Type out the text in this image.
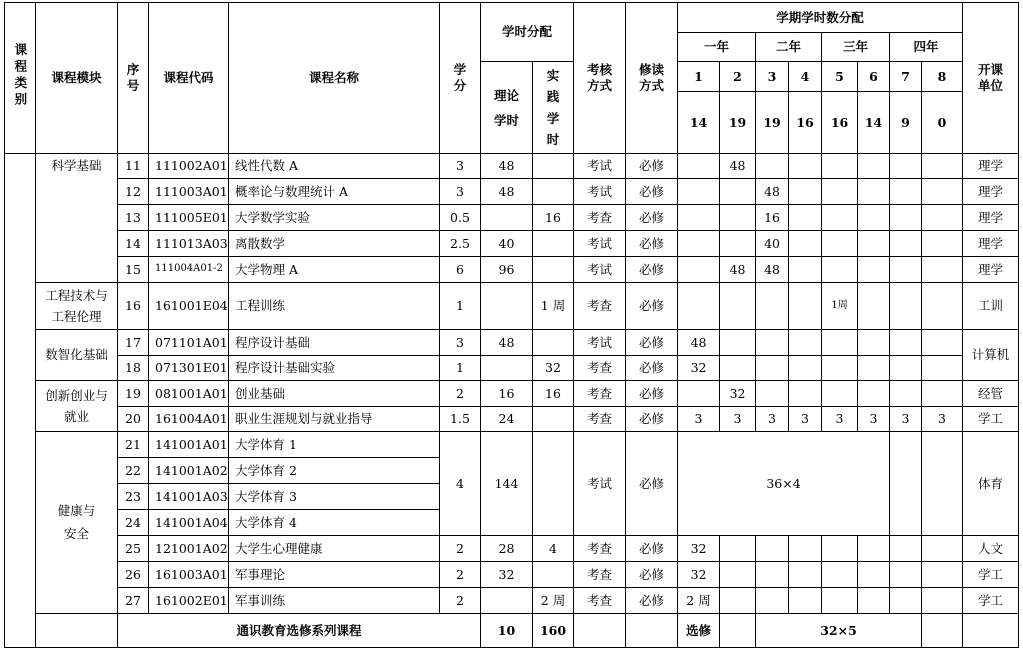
课程类别	课程模块	序号	课程代码	课程名称	学分	学时分配		考核方式	修读方式	学期学时数分配								开课单位	
										一年		二年		三年		四年			
						理论学时	实践学时			1	2	3	4	5	6	7	8		
										14	19	19	16	16	14	9	0		
	科学基础	11	111002A01	线性代数 A	3	48		考试	必修		48							理学	
		12	111003A01	概率论与数理统计 A	3	48		考试	必修			48						理学	
		13	111005E01	大学数学实验	0.5		16	考查	必修			16						理学	
		14	111013A03	离散数学	2.5	40		考试	必修			40						理学	
		15	111004A01-2	大学物理 A	6	96		考试	必修		48	48						理学	
	工程技术与工程伦理	16	161001E04	工程训练	1		1 周	考查	必修					1周				工训	
	数智化基础	17	071101A01	程序设计基础	3	48		考试	必修	48								计算机	
		18	071301E01	程序设计基础实验	1		32	考查	必修	32									
	创新创业与就业	19	081001A01	创业基础	2	16	16	考查	必修		32							经管	
		20	161004A01	职业生涯规划与就业指导	1.5	24		考查	必修	3	3	3	3	3	3	3	3	学工	
	健康与安全	21	141001A01	大学体育 1	4	144		考试	必修	36×4								体育	
		22	141001A02	大学体育 2															
		23	141001A03	大学体育 3															
		24	141001A04	大学体育 4															
		25	121001A02	大学生心理健康	2	28	4	考查	必修	32								人文	
		26	161003A01	军事理论	2	32		考查	必修	32								学工	
		27	161002E01	军事训练	2		2 周	考查	必修	2 周								学工	
		通识教育选修系列课程				10	160			选修		32×5							
